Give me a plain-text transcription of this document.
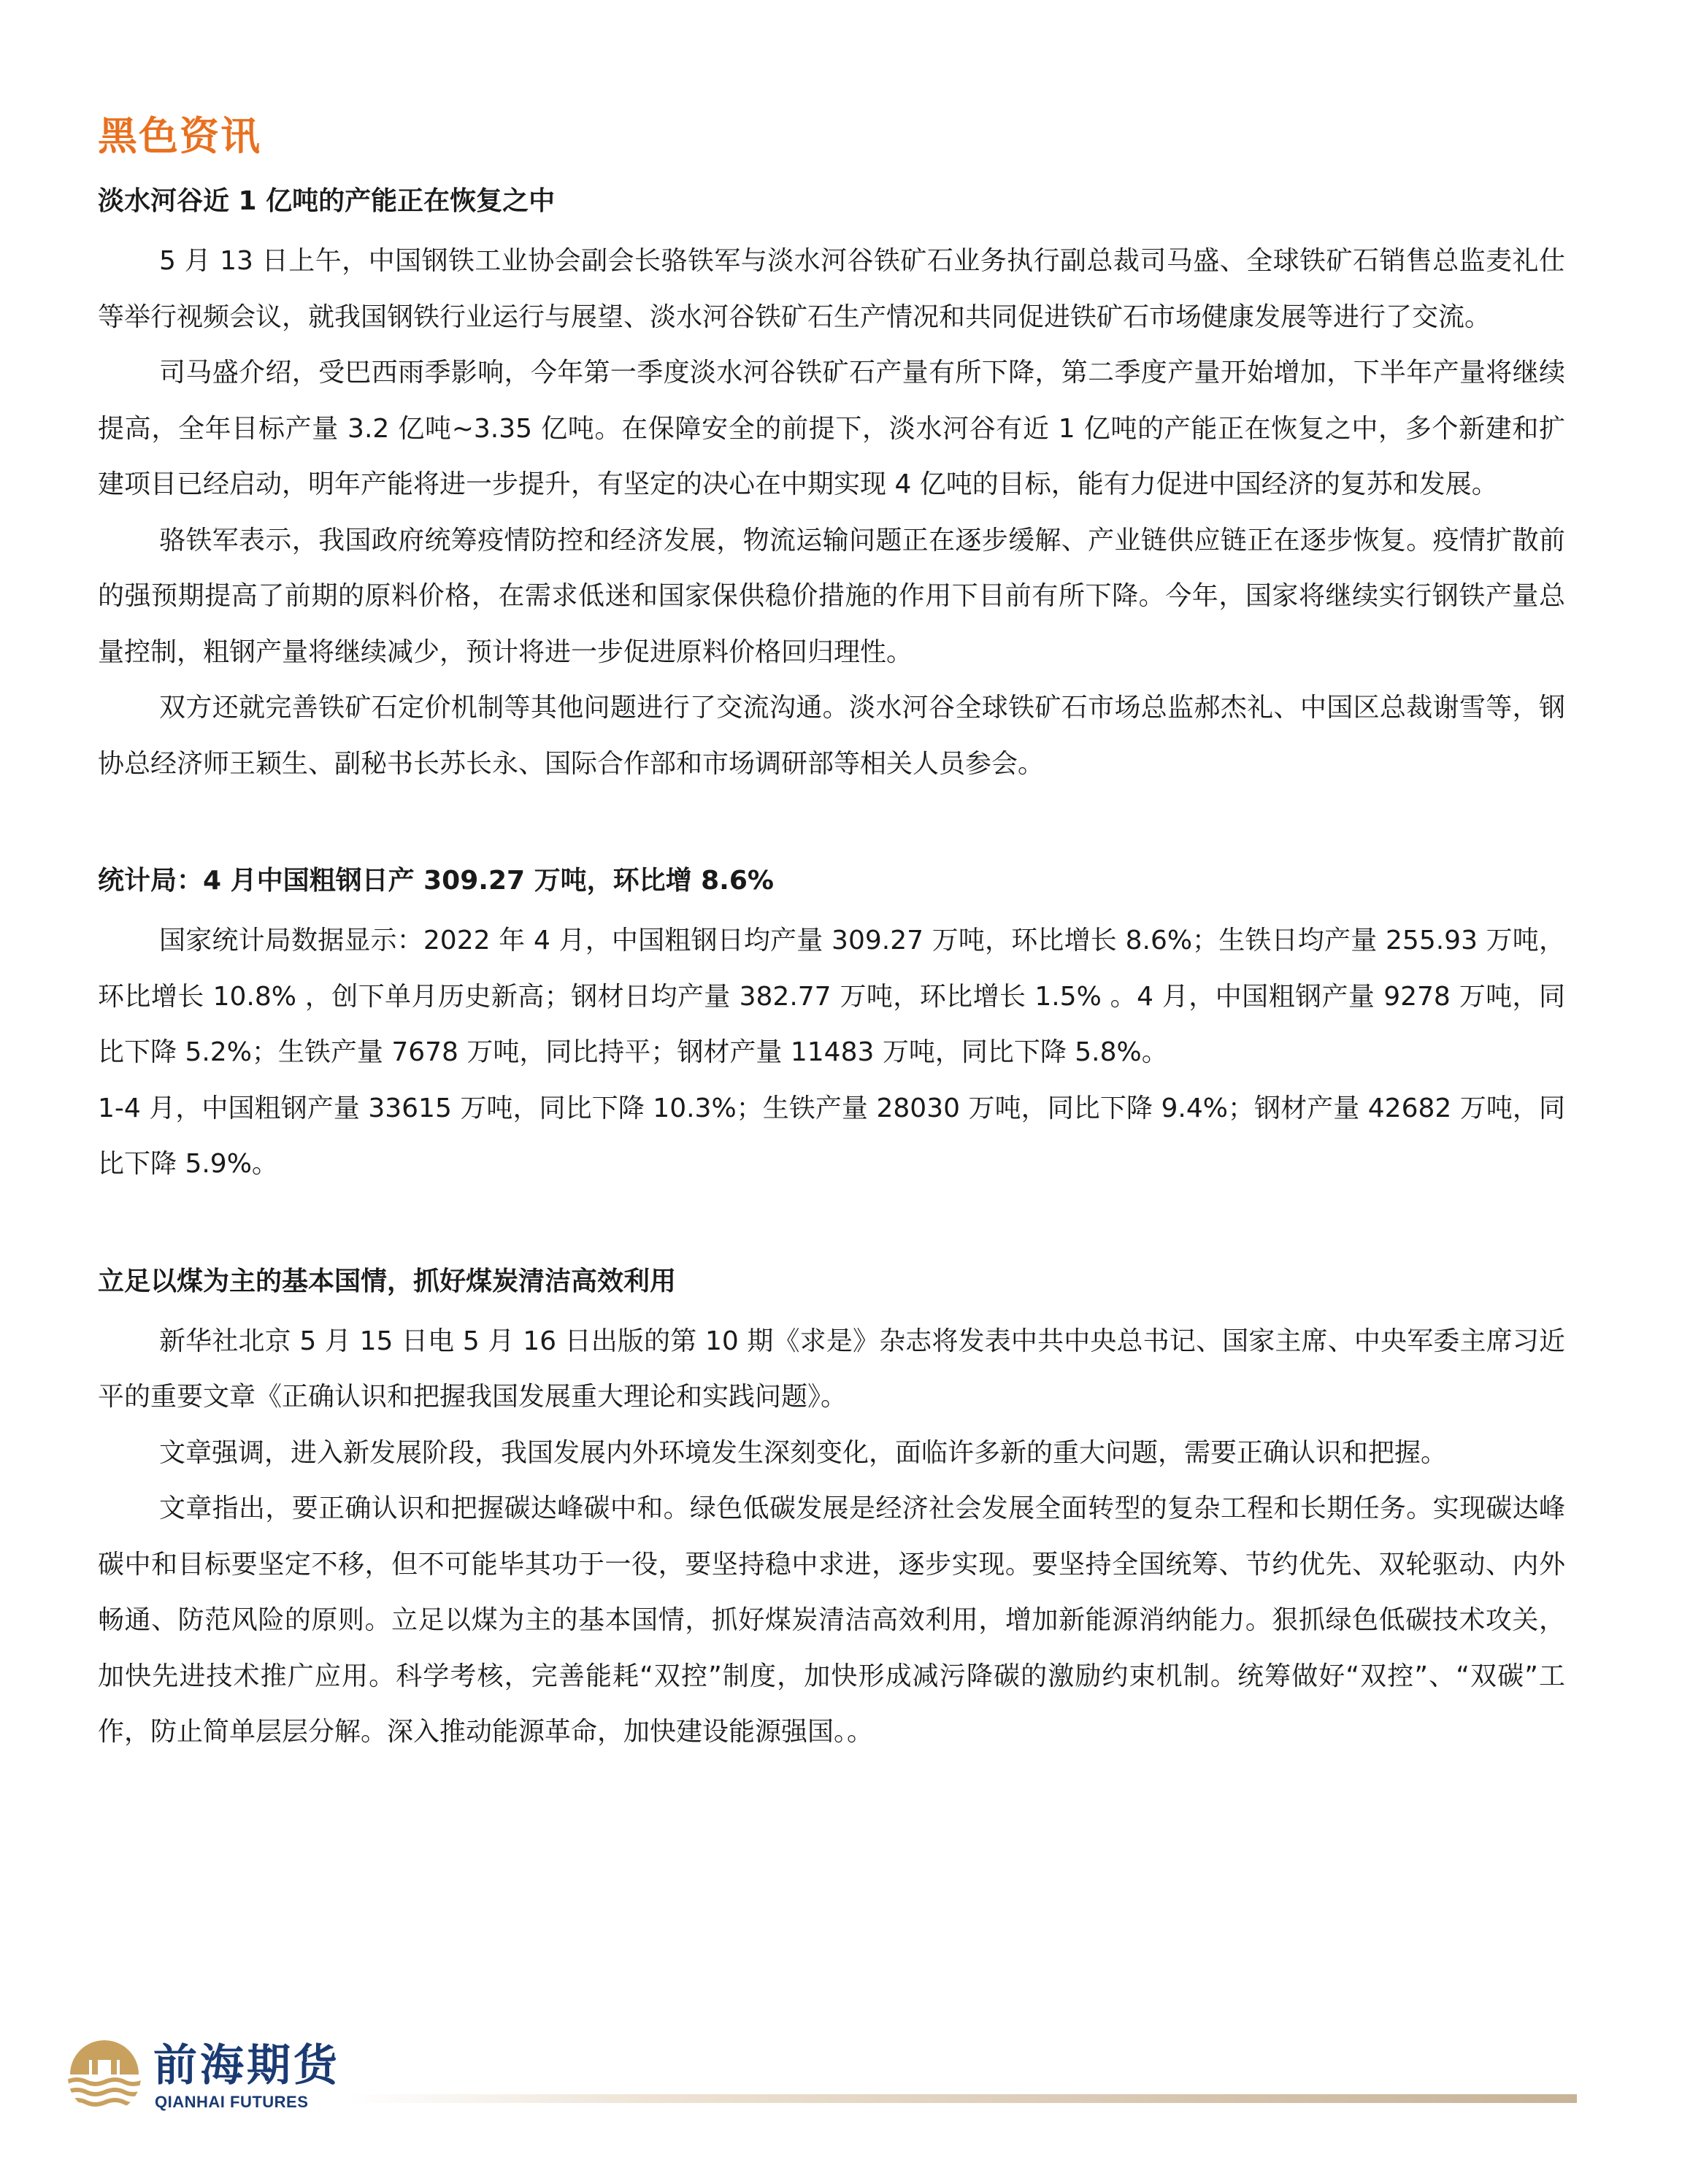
黑色资讯
淡水河谷近 1 亿吨的产能正在恢复之中

5 月 13 日上午，中国钢铁工业协会副会长骆铁军与淡水河谷铁矿石业务执行副总裁司马盛、全球铁矿石销售总监麦礼仕等举行视频会议，就我国钢铁行业运行与展望、淡水河谷铁矿石生产情况和共同促进铁矿石市场健康发展等进行了交流。

司马盛介绍，受巴西雨季影响，今年第一季度淡水河谷铁矿石产量有所下降，第二季度产量开始增加，下半年产量将继续提高，全年目标产量 3.2 亿吨~3.35 亿吨。在保障安全的前提下，淡水河谷有近 1 亿吨的产能正在恢复之中，多个新建和扩建项目已经启动，明年产能将进一步提升，有坚定的决心在中期实现 4 亿吨的目标，能有力促进中国经济的复苏和发展。

骆铁军表示，我国政府统筹疫情防控和经济发展，物流运输问题正在逐步缓解、产业链供应链正在逐步恢复。疫情扩散前的强预期提高了前期的原料价格，在需求低迷和国家保供稳价措施的作用下目前有所下降。今年，国家将继续实行钢铁产量总量控制，粗钢产量将继续减少，预计将进一步促进原料价格回归理性。

双方还就完善铁矿石定价机制等其他问题进行了交流沟通。淡水河谷全球铁矿石市场总监郝杰礼、中国区总裁谢雪等，钢协总经济师王颖生、副秘书长苏长永、国际合作部和市场调研部等相关人员参会。

统计局：4 月中国粗钢日产 309.27 万吨，环比增 8.6%

国家统计局数据显示：2022 年 4 月，中国粗钢日均产量 309.27 万吨，环比增长 8.6%；生铁日均产量 255.93 万吨，环比增长 10.8% ，创下单月历史新高；钢材日均产量 382.77 万吨，环比增长 1.5% 。4 月，中国粗钢产量 9278 万吨，同比下降 5.2%；生铁产量 7678 万吨，同比持平；钢材产量 11483 万吨，同比下降 5.8%。

1-4 月，中国粗钢产量 33615 万吨，同比下降 10.3%；生铁产量 28030 万吨，同比下降 9.4%；钢材产量 42682 万吨，同比下降 5.9%。

立足以煤为主的基本国情，抓好煤炭清洁高效利用

新华社北京 5 月 15 日电 5 月 16 日出版的第 10 期《求是》杂志将发表中共中央总书记、国家主席、中央军委主席习近平的重要文章《正确认识和把握我国发展重大理论和实践问题》。

文章强调，进入新发展阶段，我国发展内外环境发生深刻变化，面临许多新的重大问题，需要正确认识和把握。

文章指出，要正确认识和把握碳达峰碳中和。绿色低碳发展是经济社会发展全面转型的复杂工程和长期任务。实现碳达峰碳中和目标要坚定不移，但不可能毕其功于一役，要坚持稳中求进，逐步实现。要坚持全国统筹、节约优先、双轮驱动、内外畅通、防范风险的原则。立足以煤为主的基本国情，抓好煤炭清洁高效利用，增加新能源消纳能力。狠抓绿色低碳技术攻关，加快先进技术推广应用。科学考核，完善能耗“双控”制度，加快形成减污降碳的激励约束机制。统筹做好“双控”、“双碳”工作，防止简单层层分解。深入推动能源革命，加快建设能源强国。。

前海期货
QIANHAI FUTURES
